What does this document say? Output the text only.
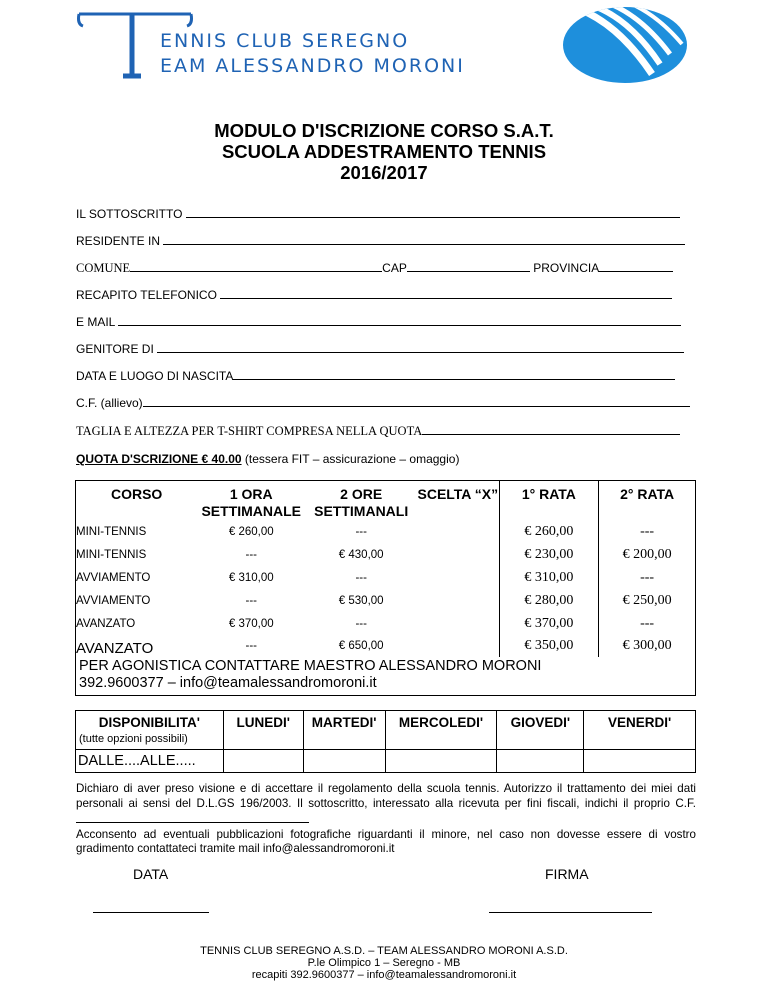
ENNIS CLUB SEREGNO
EAM ALESSANDRO MORONI
MODULO D'ISCRIZIONE CORSO S.A.T.
SCUOLA ADDESTRAMENTO TENNIS
2016/2017
IL SOTTOSCRITTO
RESIDENTE IN
COMUNE	CAP	PROVINCIA
RECAPITO TELEFONICO
E MAIL
GENITORE DI
DATA E LUOGO DI NASCITA
C.F. (allievo)
TAGLIA E ALTEZZA PER T-SHIRT COMPRESA NELLA QUOTA
QUOTA D'SCRIZIONE € 40.00 (tessera FIT – assicurazione – omaggio)
CORSO	1 ORA SETTIMANALE	2 ORE SETTIMANALI	SCELTA “X”	1° RATA	2° RATA
MINI-TENNIS	€ 260,00	---		€ 260,00	---
MINI-TENNIS	---	€ 430,00		€ 230,00	€ 200,00
AVVIAMENTO	€ 310,00	---		€ 310,00	---
AVVIAMENTO	---	€ 530,00		€ 280,00	€ 250,00
AVANZATO	€ 370,00	---		€ 370,00	---
AVANZATO	---	€ 650,00		€ 350,00	€ 300,00

PER AGONISTICA CONTATTARE MAESTRO ALESSANDRO MORONI
392.9600377 – info@teamalessandromoroni.it					
DISPONIBILITA'
(tutte opzioni possibili)	LUNEDI'	MARTEDI'	MERCOLEDI'	GIOVEDI'	VENERDI'
DALLE....ALLE.....					
Dichiaro di aver preso visione e di accettare il regolamento della scuola tennis. Autorizzo il trattamento dei miei dati personali ai sensi del D.L.GS 196/2003. Il sottoscritto, interessato alla ricevuta per fini fiscali, indichi il proprio C.F.
Acconsento ad eventuali pubblicazioni fotografiche riguardanti il minore, nel caso non dovesse essere di vostro gradimento contattateci tramite mail info@alessandromoroni.it
DATA	FIRMA
TENNIS CLUB SEREGNO A.S.D. – TEAM ALESSANDRO MORONI A.S.D.
P.le Olimpico 1 – Seregno - MB
recapiti 392.9600377 – info@teamalessandromoroni.it
